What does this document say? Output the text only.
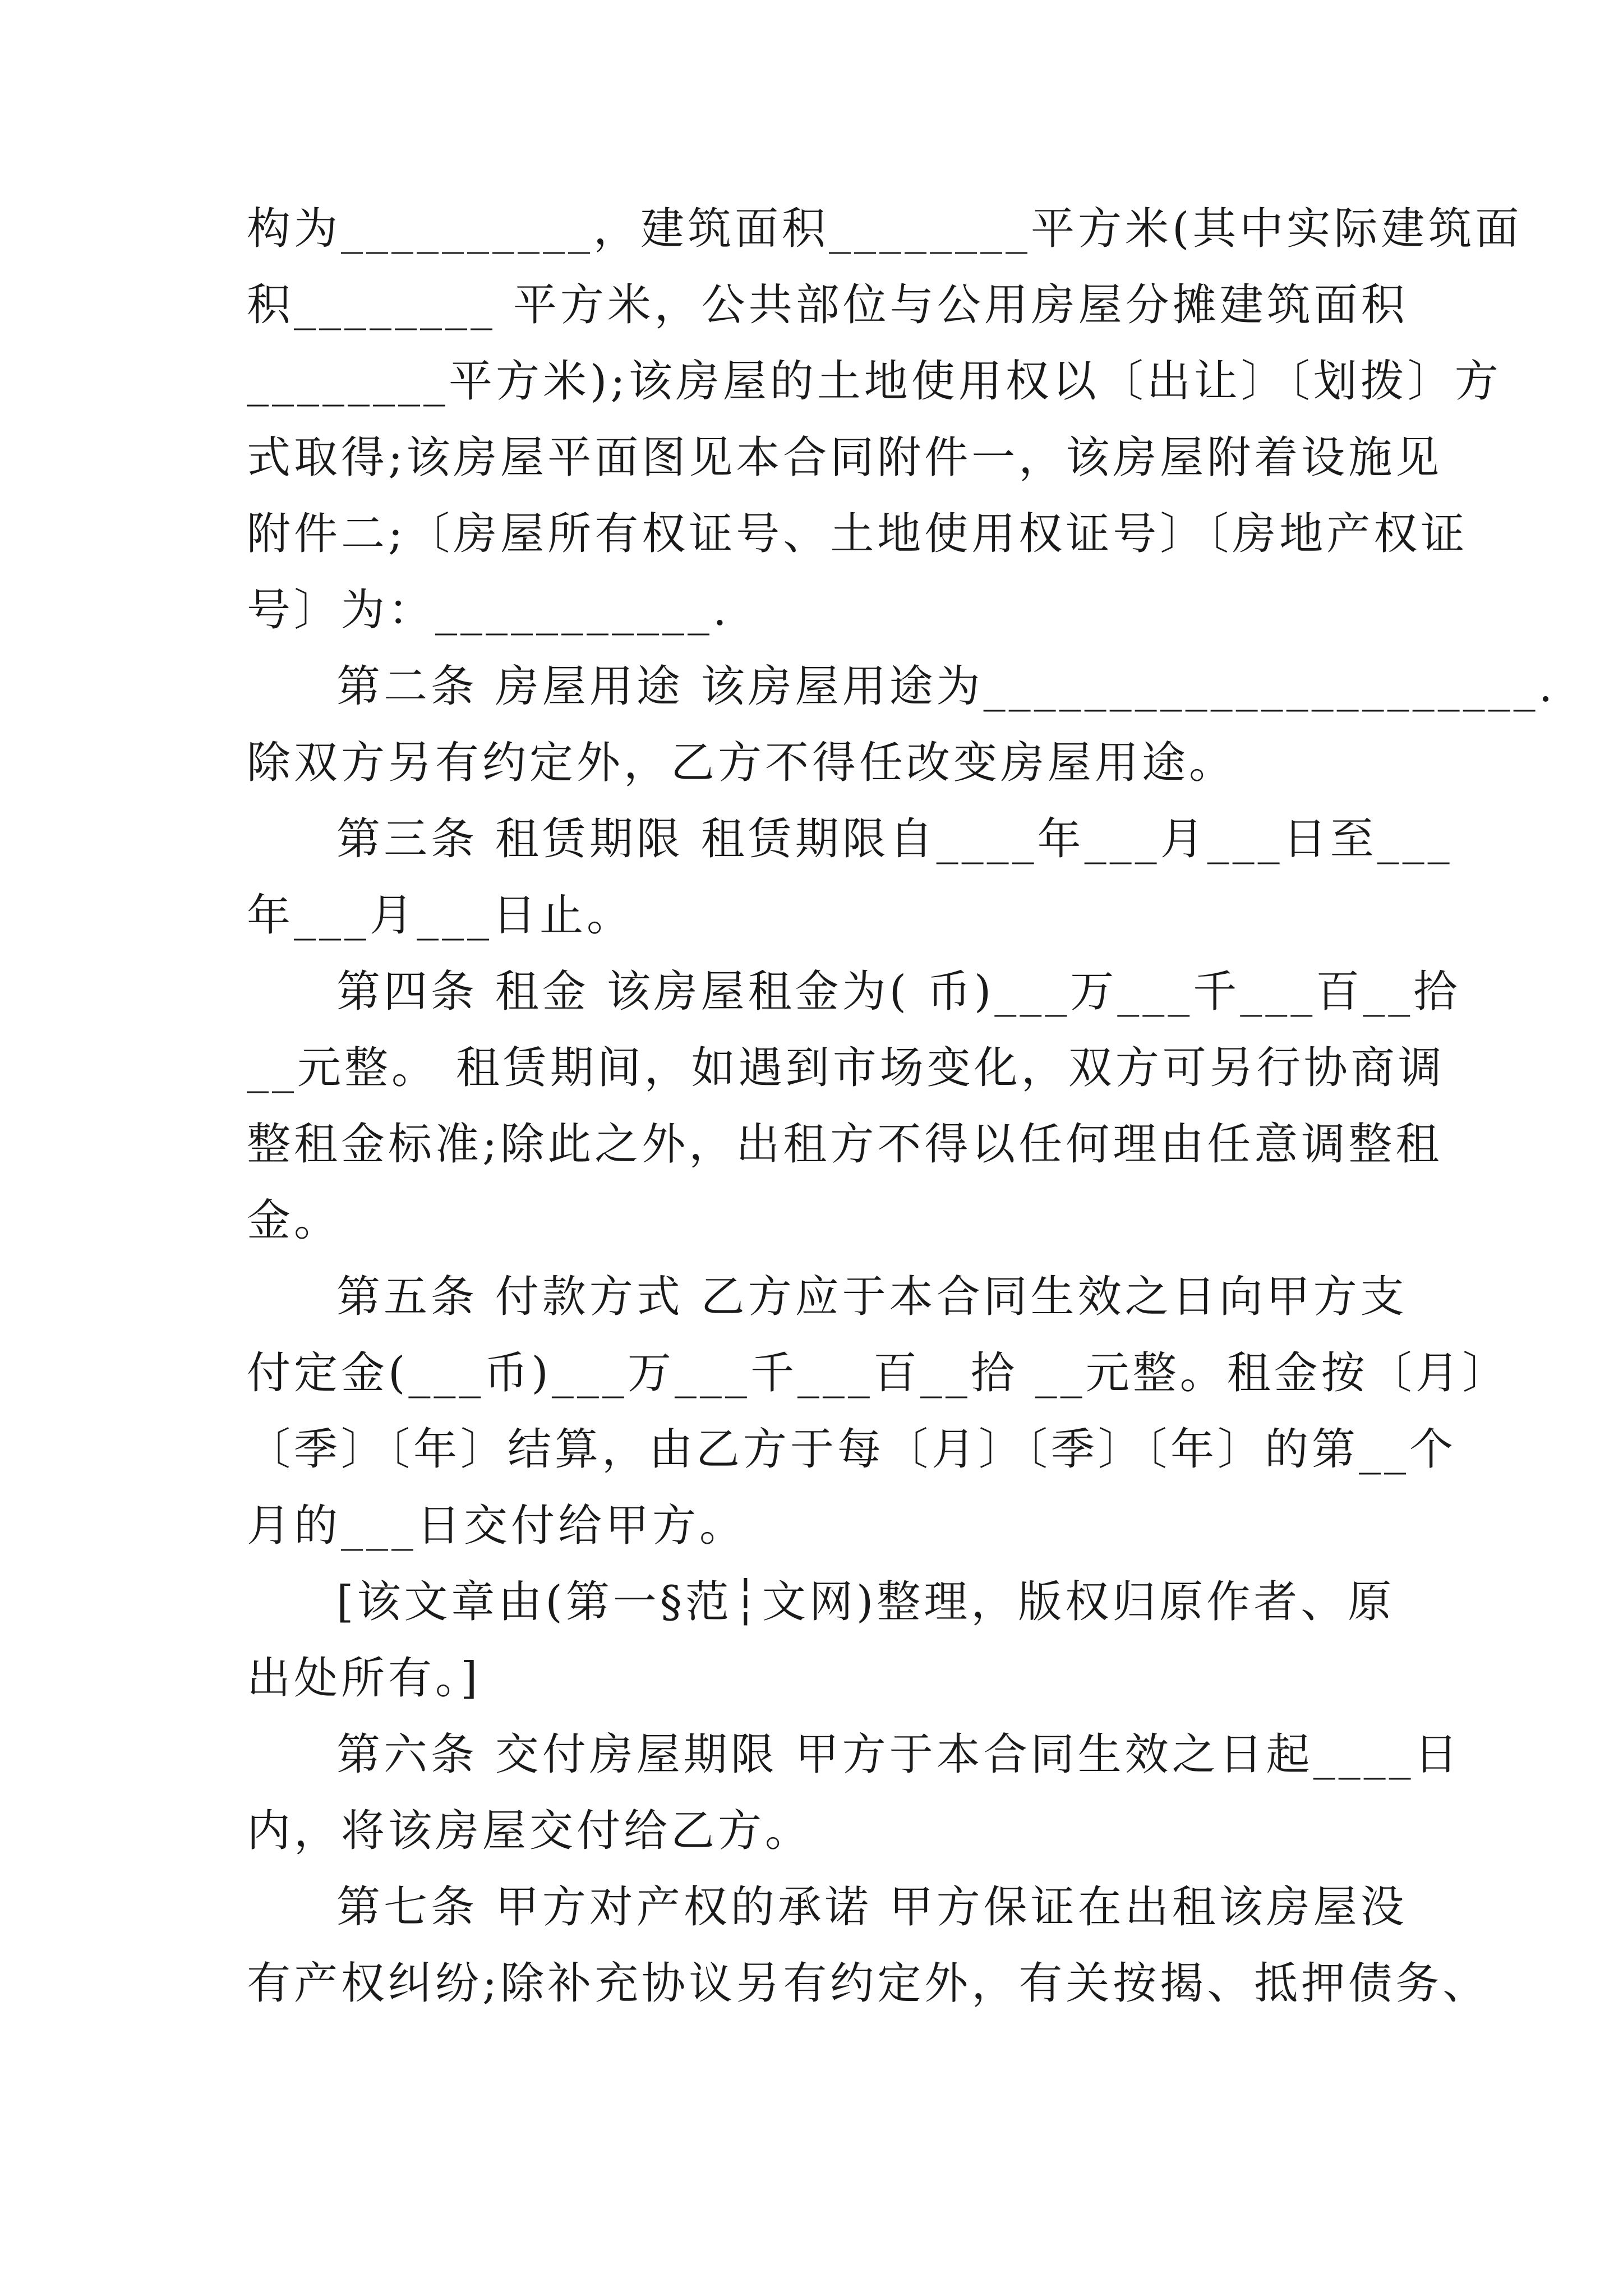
构为__________，建筑面积________平方米(其中实际建筑面
积________ 平方米，公共部位与公用房屋分摊建筑面积
________平方米);该房屋的土地使用权以〔出让〕〔划拨〕方
式取得;该房屋平面图见本合同附件一，该房屋附着设施见
附件二;〔房屋所有权证号、土地使用权证号〕〔房地产权证
号〕为：___________.
第二条 房屋用途 该房屋用途为______________________.
除双方另有约定外，乙方不得任改变房屋用途。
第三条 租赁期限 租赁期限自____年___月___日至___
年___月___日止。
第四条 租金 该房屋租金为( 币)___万___千___百__拾
__元整。 租赁期间，如遇到市场变化，双方可另行协商调
整租金标准;除此之外，出租方不得以任何理由任意调整租
金。
第五条 付款方式 乙方应于本合同生效之日向甲方支
付定金(___币)___万___千___百__拾 __元整。租金按〔月〕
〔季〕〔年〕结算，由乙方于每〔月〕〔季〕〔年〕的第__个
月的___日交付给甲方。
[该文章由(第一§范┆文网)整理，版权归原作者、原
出处所有。]
第六条 交付房屋期限 甲方于本合同生效之日起____日
内，将该房屋交付给乙方。
第七条 甲方对产权的承诺 甲方保证在出租该房屋没
有产权纠纷;除补充协议另有约定外，有关按揭、抵押债务、
